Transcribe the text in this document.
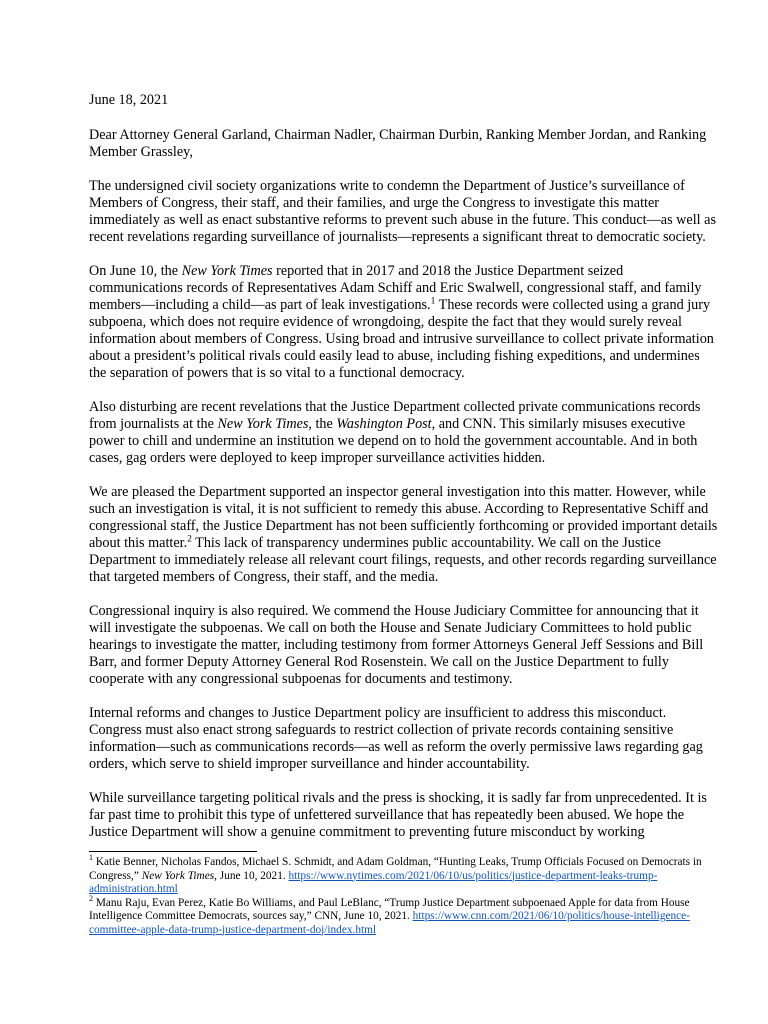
June 18, 2021

Dear Attorney General Garland, Chairman Nadler, Chairman Durbin, Ranking Member Jordan, and Ranking Member Grassley,

The undersigned civil society organizations write to condemn the Department of Justice’s surveillance of Members of Congress, their staff, and their families, and urge the Congress to investigate this matter immediately as well as enact substantive reforms to prevent such abuse in the future. This conduct—as well as recent revelations regarding surveillance of journalists—represents a significant threat to democratic society.

On June 10, the New York Times reported that in 2017 and 2018 the Justice Department seized communications records of Representatives Adam Schiff and Eric Swalwell, congressional staff, and family members—including a child—as part of leak investigations.$^1$ These records were collected using a grand jury subpoena, which does not require evidence of wrongdoing, despite the fact that they would surely reveal information about members of Congress. Using broad and intrusive surveillance to collect private information about a president’s political rivals could easily lead to abuse, including fishing expeditions, and undermines the separation of powers that is so vital to a functional democracy.

Also disturbing are recent revelations that the Justice Department collected private communications records from journalists at the New York Times, the Washington Post, and CNN. This similarly misuses executive power to chill and undermine an institution we depend on to hold the government accountable. And in both cases, gag orders were deployed to keep improper surveillance activities hidden.

We are pleased the Department supported an inspector general investigation into this matter. However, while such an investigation is vital, it is not sufficient to remedy this abuse. According to Representative Schiff and congressional staff, the Justice Department has not been sufficiently forthcoming or provided important details about this matter.$^2$ This lack of transparency undermines public accountability. We call on the Justice Department to immediately release all relevant court filings, requests, and other records regarding surveillance that targeted members of Congress, their staff, and the media.

Congressional inquiry is also required. We commend the House Judiciary Committee for announcing that it will investigate the subpoenas. We call on both the House and Senate Judiciary Committees to hold public hearings to investigate the matter, including testimony from former Attorneys General Jeff Sessions and Bill Barr, and former Deputy Attorney General Rod Rosenstein. We call on the Justice Department to fully cooperate with any congressional subpoenas for documents and testimony.

Internal reforms and changes to Justice Department policy are insufficient to address this misconduct. Congress must also enact strong safeguards to restrict collection of private records containing sensitive information—such as communications records—as well as reform the overly permissive laws regarding gag orders, which serve to shield improper surveillance and hinder accountability.

While surveillance targeting political rivals and the press is shocking, it is sadly far from unprecedented. It is far past time to prohibit this type of unfettered surveillance that has repeatedly been abused. We hope the Justice Department will show a genuine commitment to preventing future misconduct by working

$^1$ Katie Benner, Nicholas Fandos, Michael S. Schmidt, and Adam Goldman, “Hunting Leaks, Trump Officials Focused on Democrats in Congress,” New York Times, June 10, 2021. https://www.nytimes.com/2021/06/10/us/politics/justice-department-leaks-trump-administration.html
$^2$ Manu Raju, Evan Perez, Katie Bo Williams, and Paul LeBlanc, “Trump Justice Department subpoenaed Apple for data from House Intelligence Committee Democrats, sources say,” CNN, June 10, 2021. https://www.cnn.com/2021/06/10/politics/house-intelligence-committee-apple-data-trump-justice-department-doj/index.html
